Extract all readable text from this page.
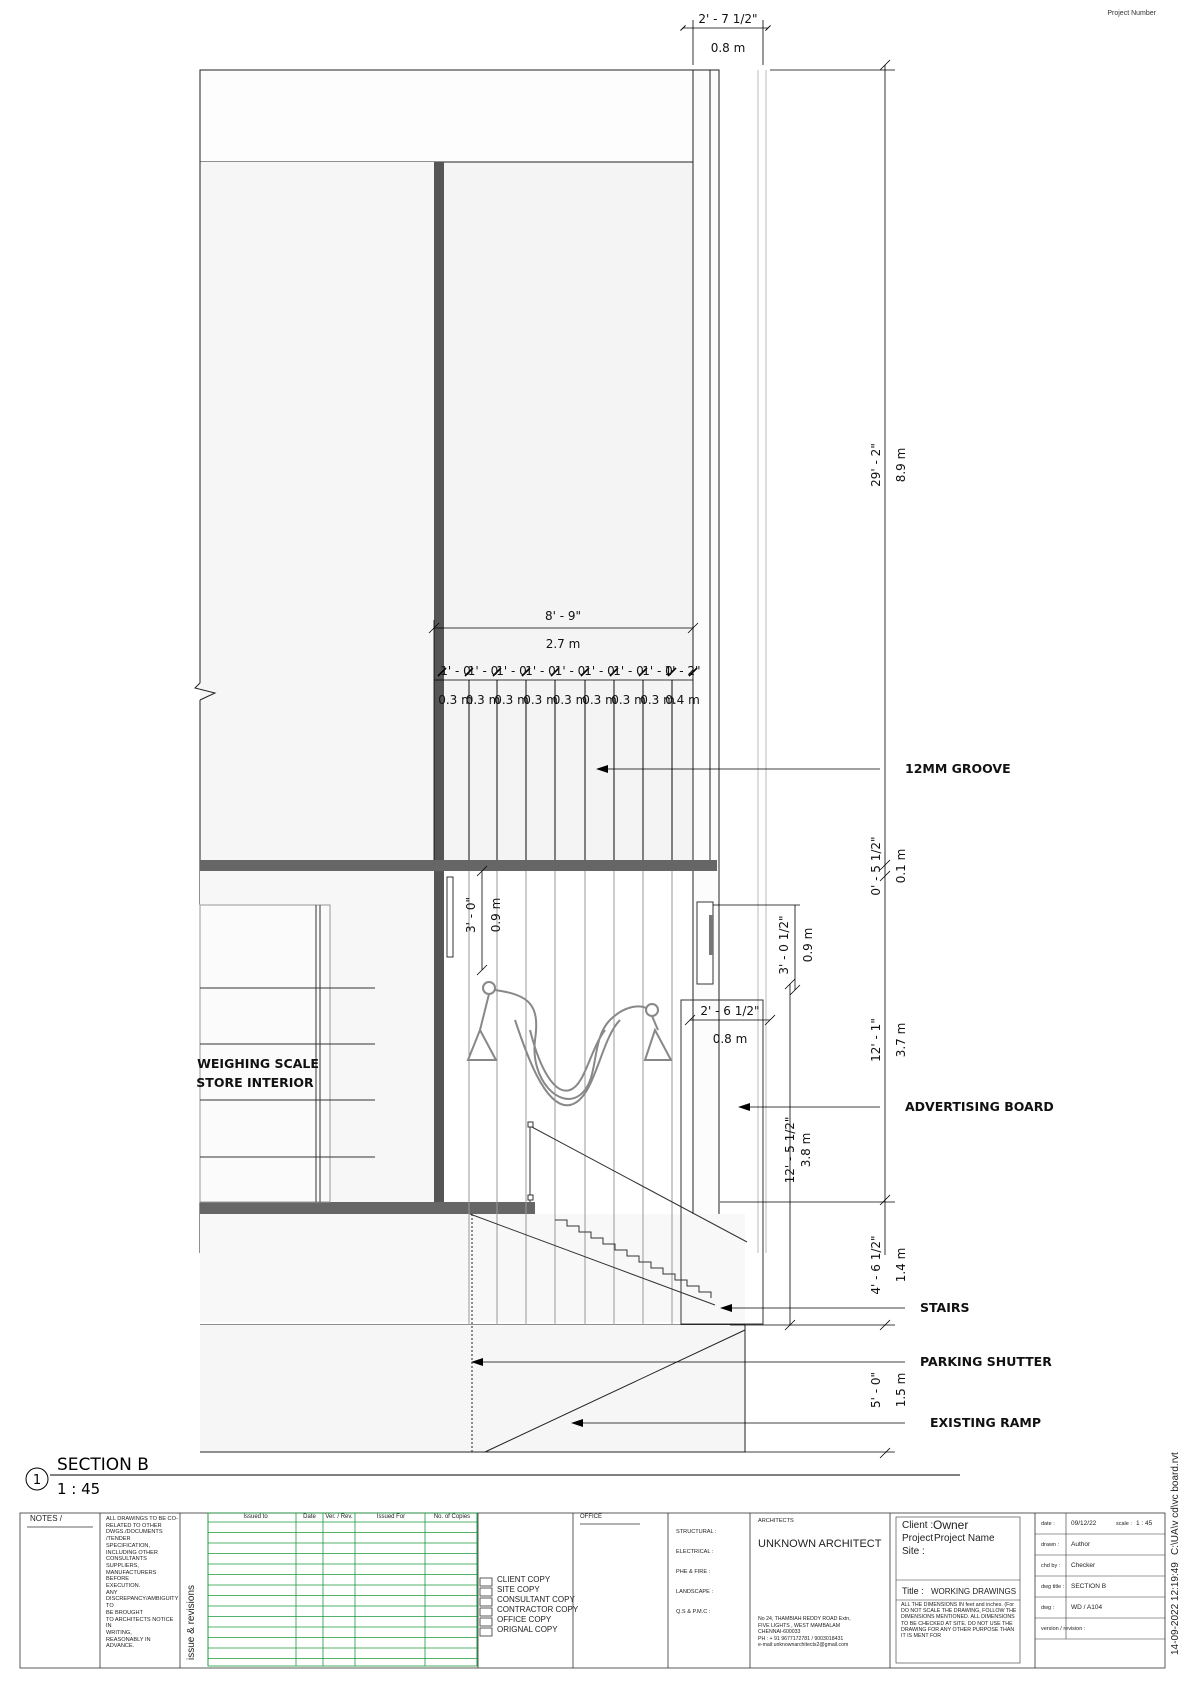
Project Number
2' - 7 1/2"
0.8 m
29' - 2" 8.9 m
8' - 9"
2.7 m
1' - 0
1' - 0
1' - 0
1' - 0
1' - 0
1' - 0
1' - 0
1' - 0
1' - 2"
0.3 m
0.3 m
0.3 m
0.3 m
0.3 m
0.3 m
0.3 m
0.3 m
0.4 m
0' - 5 1/2" 0.1 m
3' - 0" 0.9 m
3' - 0 1/2" 0.9 m
2' - 6 1/2"
0.8 m	12' - 1" 3.7 m
12' - 5 1/2" 3.8 m
4' - 6 1/2" 1.4 m
5' - 0" 1.5 m
12MM GROOVE
ADVERTISING BOARD
STAIRS
PARKING SHUTTER
EXISTING RAMP
WEIGHING SCALE
STORE INTERIOR
1
SECTION B
1 : 45
14-09-2022 12:19:49
C:\UA\v cd\vc board.rvt
NOTES /	ALL DRAWINGS TO BE CO-
RELATED TO OTHER
DWGS./DOCUMENTS /TENDER
SPECIFICATION,
INCLUDING OTHER
CONSULTANTS SUPPLIERS,
MANUFACTURERS BEFORE
EXECUTION.
ANY
DISCREPANCY/AMBIGUITY TO
BE BROUGHT
TO ARCHITECTS NOTICE IN
WRITING,
REASONABLY IN ADVANCE.	issue & revisions
Issued to	Date	Ver. / Rev.	Issued For	No. of Copies
CLIENT COPY
SITE COPY
CONSULTANT COPY
CONTRACTOR COPY
OFFICE COPY
ORIGNAL COPY
OFFICE
STRUCTURAL :
ELECTRICAL :
PHE & FIRE :
LANDSCAPE :
Q.S & P.M.C :
ARCHITECTS
UNKNOWN ARCHITECT
No 24, THAMBIAH REDDY ROAD Extn,
FIVE LIGHTS , WEST MAMBALAM
CHENNAI-600033
PH : + 91 9677172781 / 9003018431
e-mail:unknownarchitects2@gmail.com
Client : Owner
Project Project Name
Site :
Title : WORKING DRAWINGS
ALL THE DIMENSIONS IN feet and inches. (For
DO NOT SCALE THE DRAWING, FOLLOW THE
DIMENSIONS MENTIONED. ALL DIMENSIONS
TO BE CHECKED AT SITE. DO NOT USE THE
DRAWING FOR ANY OTHER PURPOSE THAN
IT IS MENT FOR
date : 09/12/22	scale : 1 : 45
drawn : Author
chd by : Checker
dwg title : SECTION B
dwg :	WD / A104
version / revision :
